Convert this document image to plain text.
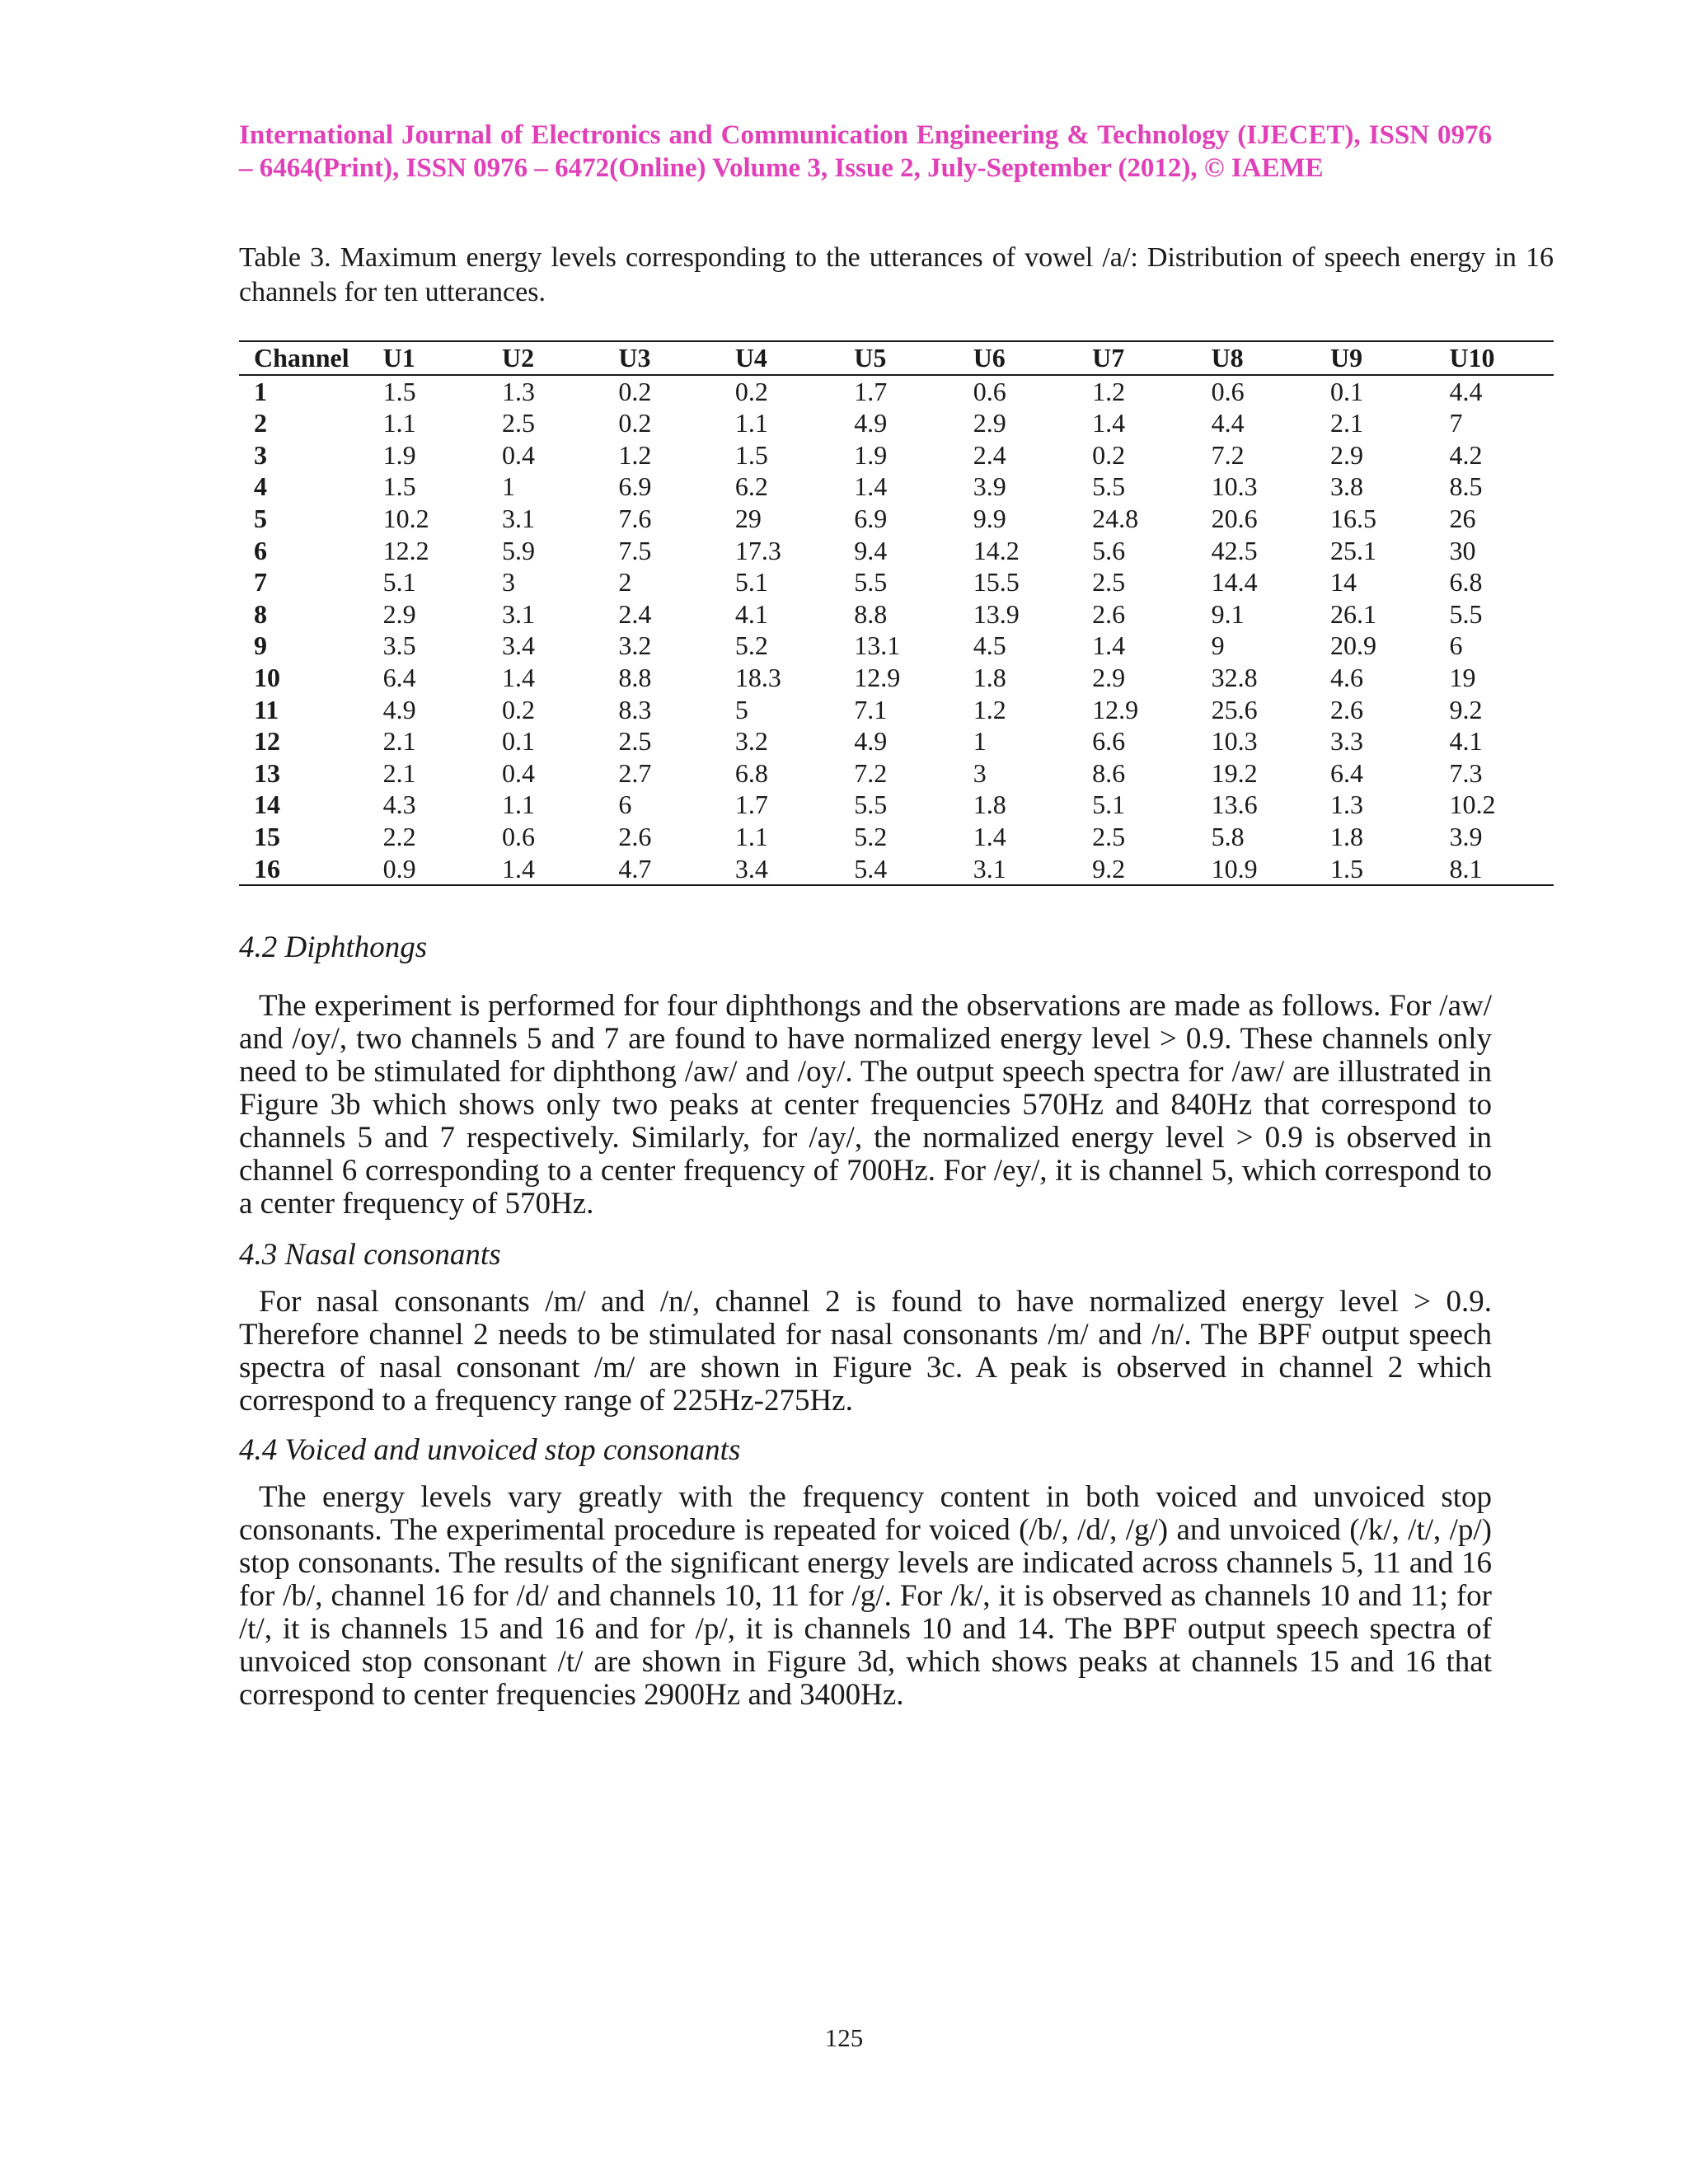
International Journal of Electronics and Communication Engineering & Technology (IJECET), ISSN 0976 – 6464(Print), ISSN 0976 – 6472(Online) Volume 3, Issue 2, July-September (2012), © IAEME
Table 3. Maximum energy levels corresponding to the utterances of vowel /a/: Distribution of speech energy in 16 channels for ten utterances.
Channel	U1	U2	U3	U4	U5	U6	U7	U8	U9	U10
1	1.5	1.3	0.2	0.2	1.7	0.6	1.2	0.6	0.1	4.4
2	1.1	2.5	0.2	1.1	4.9	2.9	1.4	4.4	2.1	7
3	1.9	0.4	1.2	1.5	1.9	2.4	0.2	7.2	2.9	4.2
4	1.5	1	6.9	6.2	1.4	3.9	5.5	10.3	3.8	8.5
5	10.2	3.1	7.6	29	6.9	9.9	24.8	20.6	16.5	26
6	12.2	5.9	7.5	17.3	9.4	14.2	5.6	42.5	25.1	30
7	5.1	3	2	5.1	5.5	15.5	2.5	14.4	14	6.8
8	2.9	3.1	2.4	4.1	8.8	13.9	2.6	9.1	26.1	5.5
9	3.5	3.4	3.2	5.2	13.1	4.5	1.4	9	20.9	6
10	6.4	1.4	8.8	18.3	12.9	1.8	2.9	32.8	4.6	19
11	4.9	0.2	8.3	5	7.1	1.2	12.9	25.6	2.6	9.2
12	2.1	0.1	2.5	3.2	4.9	1	6.6	10.3	3.3	4.1
13	2.1	0.4	2.7	6.8	7.2	3	8.6	19.2	6.4	7.3
14	4.3	1.1	6	1.7	5.5	1.8	5.1	13.6	1.3	10.2
15	2.2	0.6	2.6	1.1	5.2	1.4	2.5	5.8	1.8	3.9
16	0.9	1.4	4.7	3.4	5.4	3.1	9.2	10.9	1.5	8.1
4.2 Diphthongs

The experiment is performed for four diphthongs and the observations are made as follows. For /aw/ and /oy/, two channels 5 and 7 are found to have normalized energy level > 0.9. These channels only need to be stimulated for diphthong /aw/ and /oy/. The output speech spectra for /aw/ are illustrated in Figure 3b which shows only two peaks at center frequencies 570Hz and 840Hz that correspond to channels 5 and 7 respectively. Similarly, for /ay/, the normalized energy level > 0.9 is observed in channel 6 corresponding to a center frequency of 700Hz. For /ey/, it is channel 5, which correspond to a center frequency of 570Hz.

4.3 Nasal consonants

For nasal consonants /m/ and /n/, channel 2 is found to have normalized energy level > 0.9. Therefore channel 2 needs to be stimulated for nasal consonants /m/ and /n/. The BPF output speech spectra of nasal consonant /m/ are shown in Figure 3c. A peak is observed in channel 2 which correspond to a frequency range of 225Hz-275Hz.

4.4 Voiced and unvoiced stop consonants

The energy levels vary greatly with the frequency content in both voiced and unvoiced stop consonants. The experimental procedure is repeated for voiced (/b/, /d/, /g/) and unvoiced (/k/, /t/, /p/) stop consonants. The results of the significant energy levels are indicated across channels 5, 11 and 16 for /b/, channel 16 for /d/ and channels 10, 11 for /g/. For /k/, it is observed as channels 10 and 11; for /t/, it is channels 15 and 16 and for /p/, it is channels 10 and 14. The BPF output speech spectra of unvoiced stop consonant /t/ are shown in Figure 3d, which shows peaks at channels 15 and 16 that correspond to center frequencies 2900Hz and 3400Hz.

125
